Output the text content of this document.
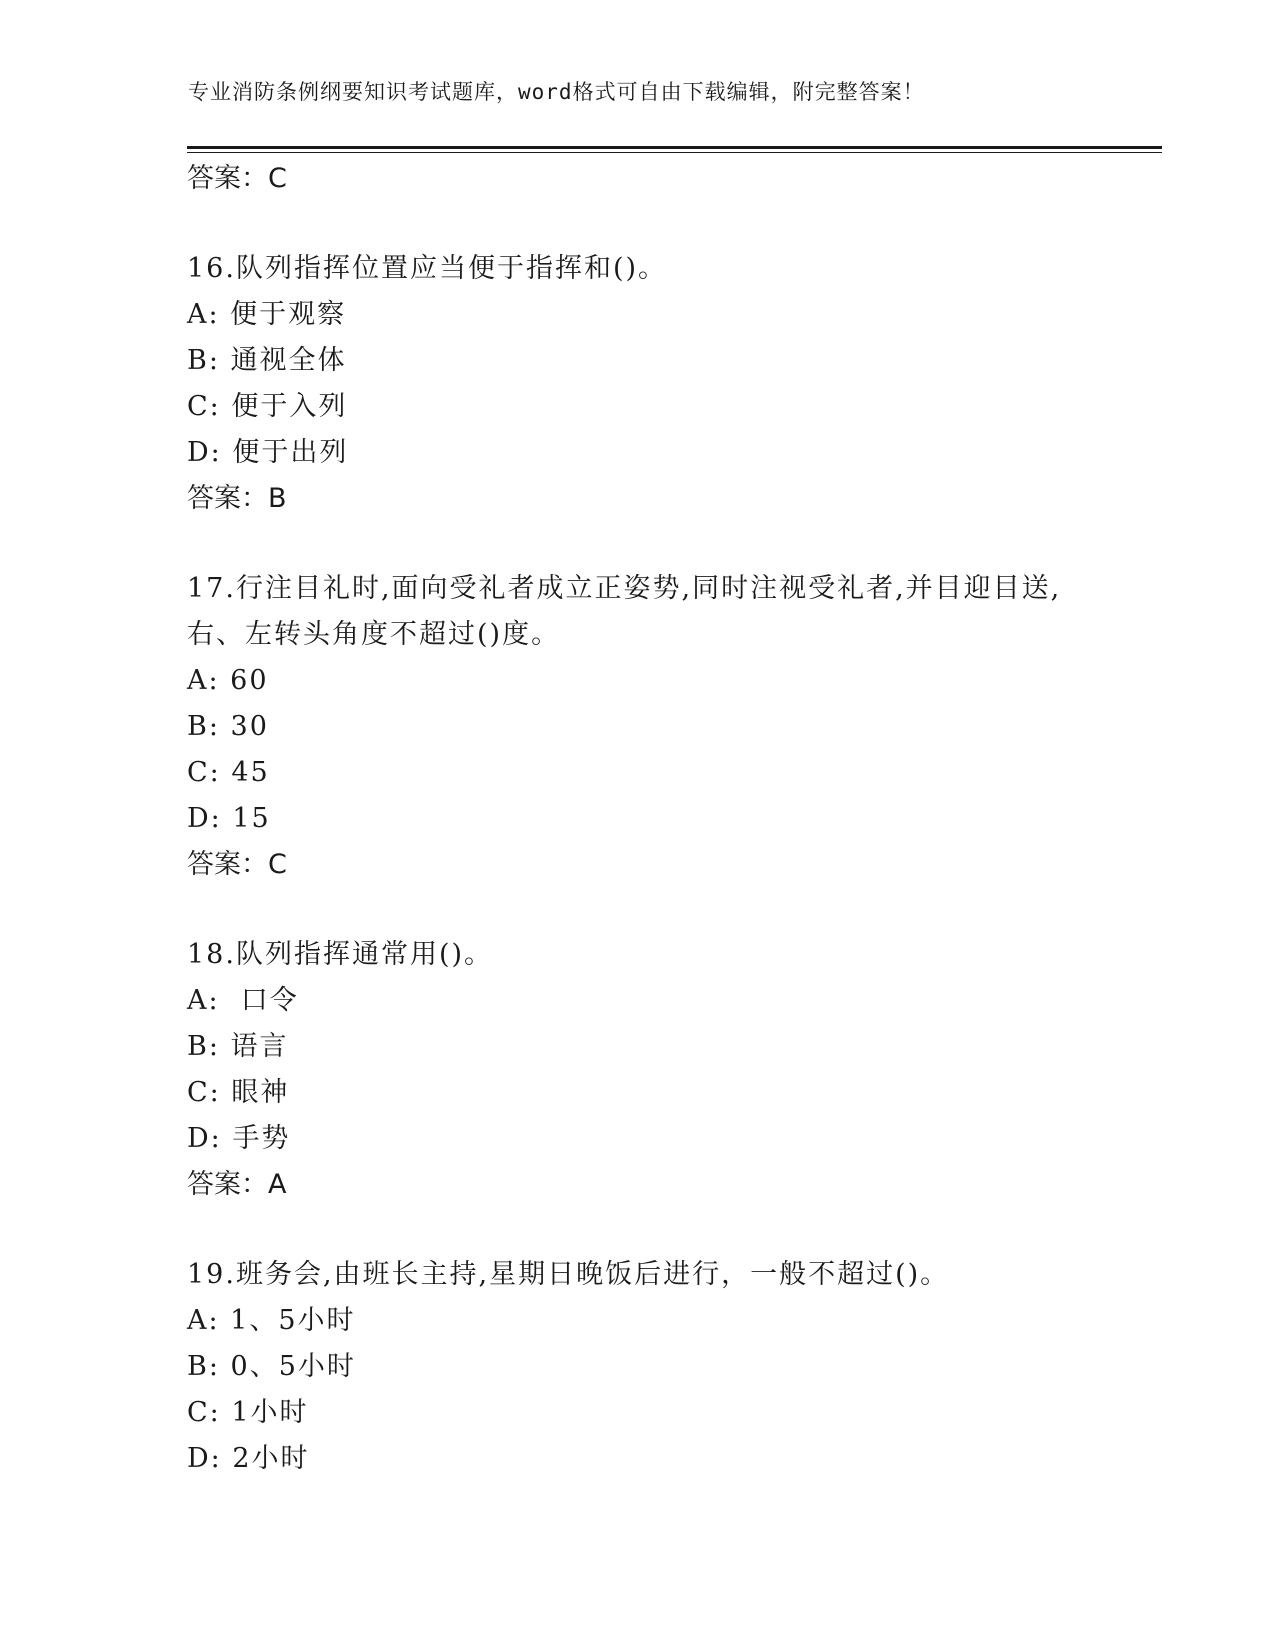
专业消防条例纲要知识考试题库，word格式可自由下载编辑，附完整答案！
答案：C
16.队列指挥位置应当便于指挥和()。
A: 便于观察
B: 通视全体
C: 便于入列
D: 便于出列
答案：B
17.行注目礼时,面向受礼者成立正姿势,同时注视受礼者,并目迎目送,
右、左转头角度不超过()度。
A: 60
B: 30
C: 45
D: 15
答案：C
18.队列指挥通常用()。
A:  口令
B: 语言
C: 眼神
D: 手势
答案：A
19.班务会,由班长主持,星期日晚饭后进行，一般不超过()。
A: 1、5小时
B: 0、5小时
C: 1小时
D: 2小时
